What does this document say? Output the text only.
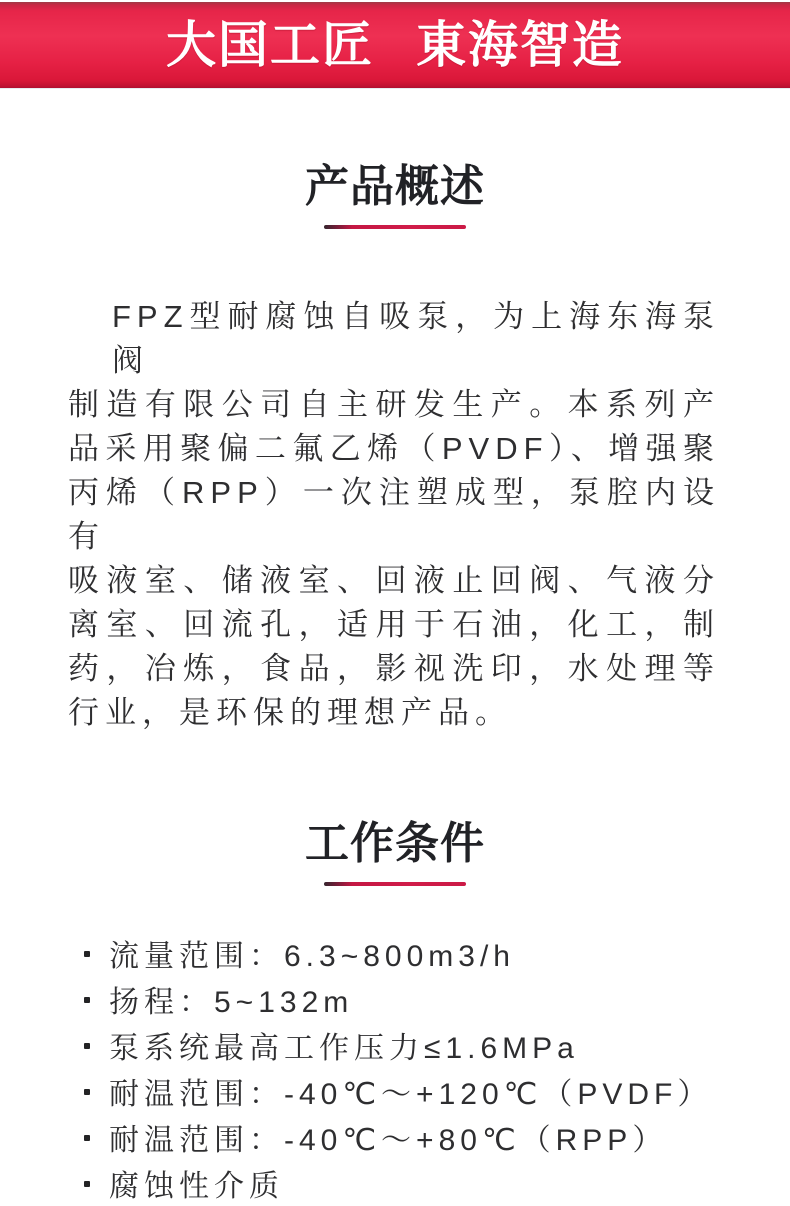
大国工匠 東海智造
产品概述
FPZ型耐腐蚀自吸泵，为上海东海泵阀
制造有限公司自主研发生产。本系列产
品采用聚偏二氟乙烯（PVDF）、增强聚
丙烯（RPP）一次注塑成型，泵腔内设有
吸液室、储液室、回液止回阀、气液分
离室、回流孔，适用于石油，化工，制
药，冶炼，食品，影视洗印，水处理等
行业，是环保的理想产品。
工作条件
流量范围：6.3~800m3/h
扬程：5~132m
泵系统最高工作压力≤1.6MPa
耐温范围：-40℃～+120℃（PVDF）
耐温范围：-40℃～+80℃（RPP）
腐蚀性介质
